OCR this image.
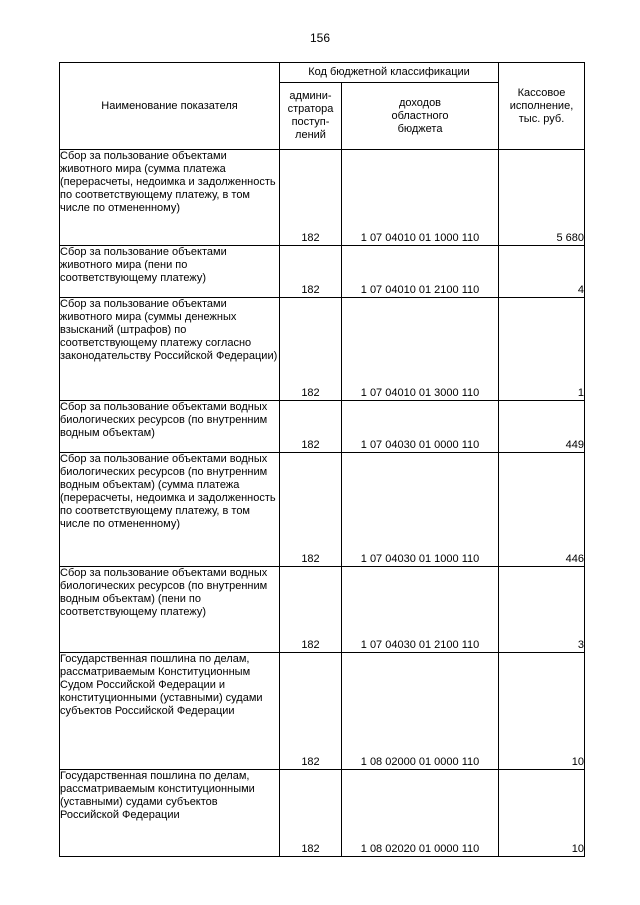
156
Наименование показателя	Код бюджетной классификации		Кассовое исполнение, тыс. руб.
	админи-
стратора
поступ-
лений	доходов
областного
бюджета	
Сбор за пользование объектами животного мира (сумма платежа (перерасчеты, недоимка и задолженность по соответствующему платежу, в том числе по отмененному)	182	1 07 04010 01 1000 110	5 680
Сбор за пользование объектами животного мира (пени по соответствующему платежу)	182	1 07 04010 01 2100 110	4
Сбор за пользование объектами животного мира (суммы денежных взысканий (штрафов) по соответствующему платежу согласно законодательству Российской Федерации)	182	1 07 04010 01 3000 110	1
Сбор за пользование объектами водных биологических ресурсов (по внутренним водным объектам)	182	1 07 04030 01 0000 110	449
Сбор за пользование объектами водных биологических ресурсов (по внутренним водным объектам) (сумма платежа (перерасчеты, недоимка и задолженность по соответствующему платежу, в том числе по отмененному)	182	1 07 04030 01 1000 110	446
Сбор за пользование объектами водных биологических ресурсов (по внутренним водным объектам) (пени по соответствующему платежу)	182	1 07 04030 01 2100 110	3
Государственная пошлина по делам, рассматриваемым Конституционным Судом Российской Федерации и конституционными (уставными) судами субъектов Российской Федерации	182	1 08 02000 01 0000 110	10
Государственная пошлина по делам, рассматриваемым конституционными (уставными) судами субъектов Российской Федерации	182	1 08 02020 01 0000 110	10
